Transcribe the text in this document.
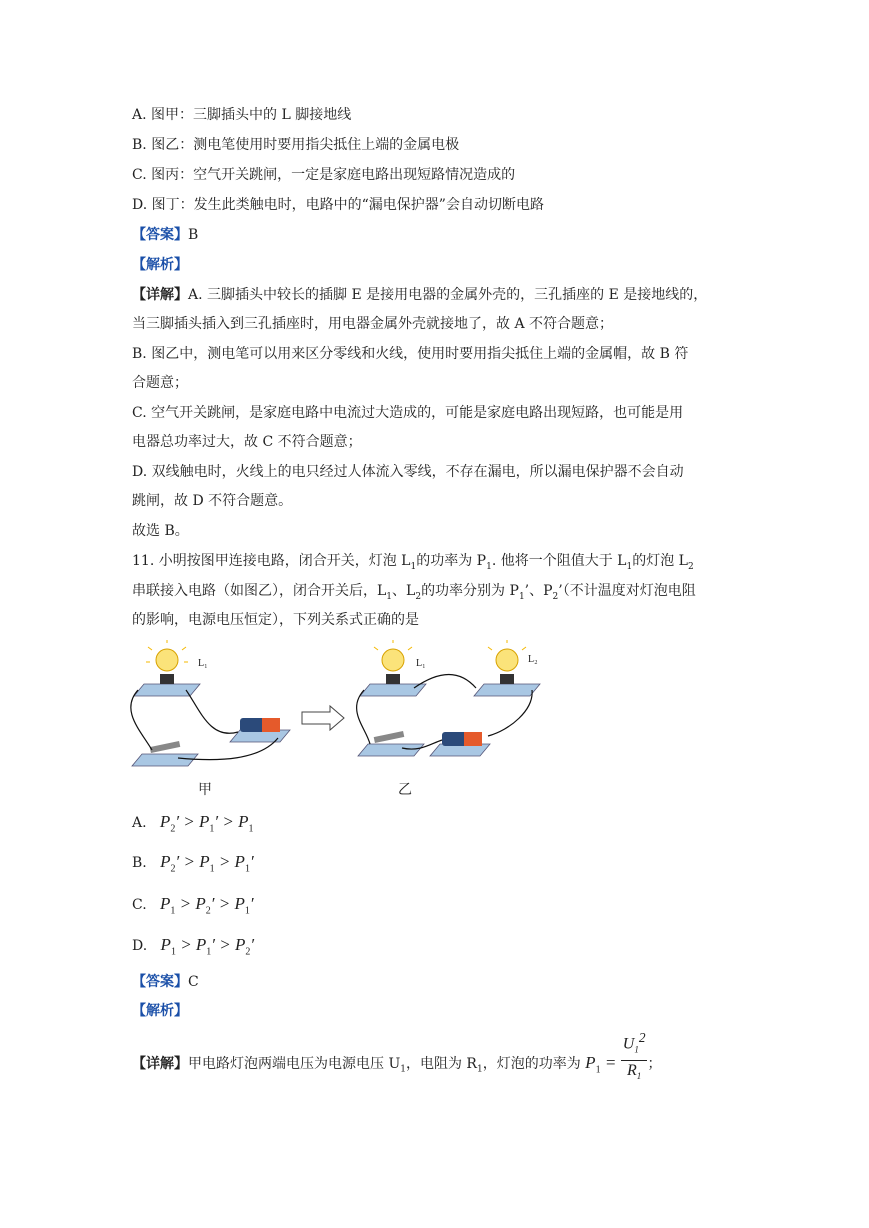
A. 图甲：三脚插头中的 L 脚接地线
B. 图乙：测电笔使用时要用指尖抵住上端的金属电极
C. 图丙：空气开关跳闸，一定是家庭电路出现短路情况造成的
D. 图丁：发生此类触电时，电路中的“漏电保护器”会自动切断电路
【答案】B
【解析】
【详解】A. 三脚插头中较长的插脚 E 是接用电器的金属外壳的，三孔插座的 E 是接地线的，
当三脚插头插入到三孔插座时，用电器金属外壳就接地了，故 A 不符合题意；
B. 图乙中，测电笔可以用来区分零线和火线，使用时要用指尖抵住上端的金属帽，故 B 符
合题意；
C. 空气开关跳闸，是家庭电路中电流过大造成的，可能是家庭电路出现短路，也可能是用
电器总功率过大，故 C 不符合题意；
D. 双线触电时，火线上的电只经过人体流入零线，不存在漏电，所以漏电保护器不会自动
跳闸，故 D 不符合题意。
故选 B。
11. 小明按图甲连接电路，闭合开关，灯泡 $L_1$的功率为 $P_1$. 他将一个阻值大于 $L_1$的灯泡 $L_2$
串联接入电路（如图乙），闭合开关后，$L_1$、$L_2$的功率分别为 $P_1$’、$P_2$’（不计温度对灯泡电阻
的影响，电源电压恒定），下列关系式正确的是
L₁	L₁	L₂
甲	乙
A. $P_2' > P_1' > P_1$
B. $P_2' > P_1 > P_1'$
C. $P_1 > P_2' > P_1'$
D. $P_1 > P_1' > P_2'$
【答案】C
【解析】
【详解】甲电路灯泡两端电压为电源电压 $U_1$，电阻为 $R_1$，灯泡的功率为 $P_1 = \frac{U_1^2}{R_1}$ ；
